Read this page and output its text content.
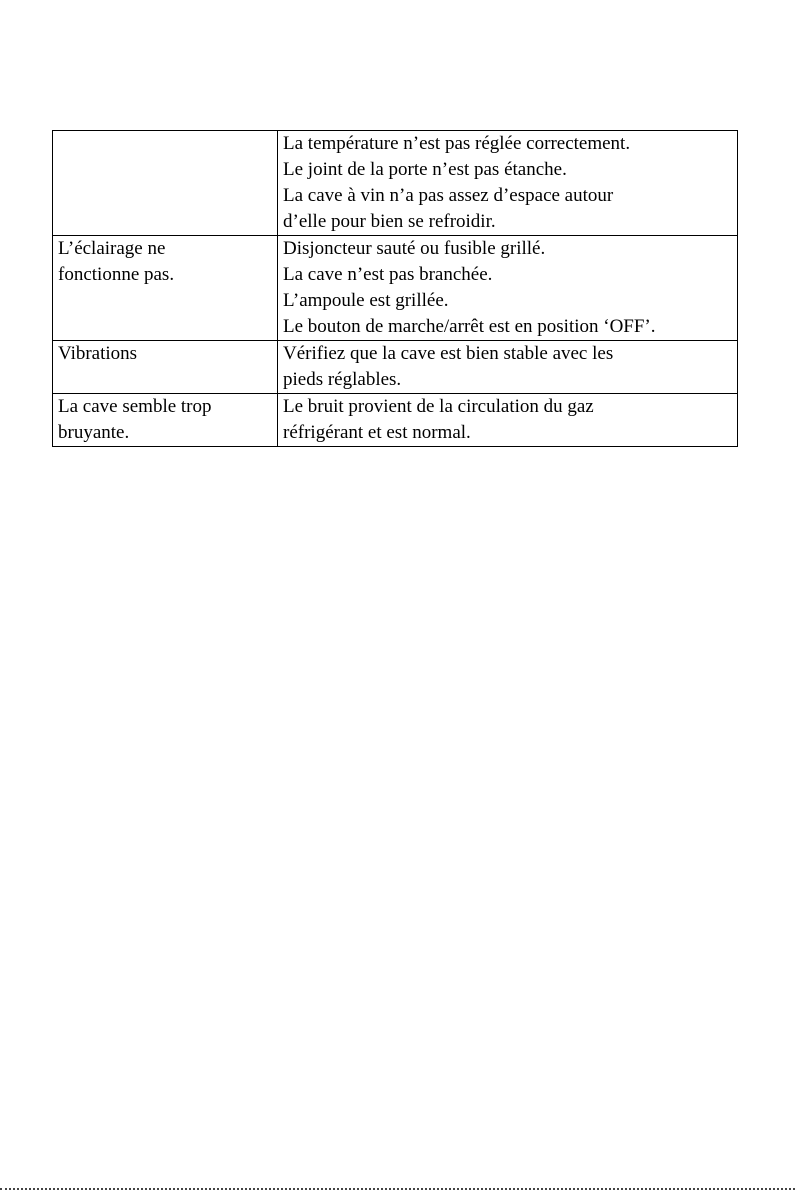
	La température n’est pas réglée correctement.
Le joint de la porte n’est pas étanche.
La cave à vin n’a pas assez d’espace autour
d’elle pour bien se refroidir.

L’éclairage ne
fonctionne pas.	Disjoncteur sauté ou fusible grillé.
La cave n’est pas branchée.
L’ampoule est grillée.
Le bouton de marche/arrêt est en position ‘OFF’.

Vibrations	Vérifiez que la cave est bien stable avec les
pieds réglables.

La cave semble trop
bruyante.	Le bruit provient de la circulation du gaz
réfrigérant et est normal.
